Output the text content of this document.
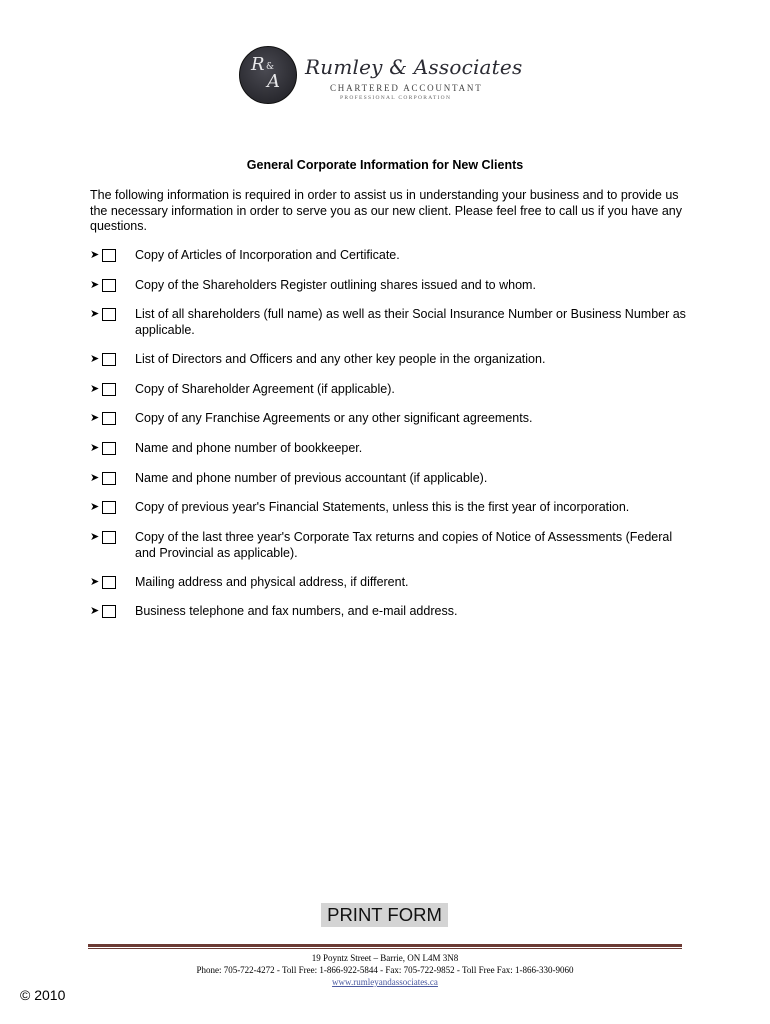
R &
A
Rumley & Associates
CHARTERED ACCOUNTANT
PROFESSIONAL CORPORATION
General Corporate Information for New Clients
The following information is required in order to assist us in understanding your business and to provide us the necessary information in order to serve you as our new client. Please feel free to call us if you have any questions.
➤	Copy of Articles of Incorporation and Certificate.
➤	Copy of the Shareholders Register outlining shares issued and to whom.
➤	List of all shareholders (full name) as well as their Social Insurance Number or Business Number as applicable.
➤	List of Directors and Officers and any other key people in the organization.
➤	Copy of Shareholder Agreement (if applicable).
➤	Copy of any Franchise Agreements or any other significant agreements.
➤	Name and phone number of bookkeeper.
➤	Name and phone number of previous accountant (if applicable).
➤	Copy of previous year's Financial Statements, unless this is the first year of incorporation.
➤	Copy of the last three year's Corporate Tax returns and copies of Notice of Assessments (Federal and Provincial as applicable).
➤	Mailing address and physical address, if different.
➤	Business telephone and fax numbers, and e-mail address.
PRINT FORM
19 Poyntz Street – Barrie, ON L4M 3N8
Phone: 705-722-4272 - Toll Free: 1-866-922-5844 - Fax: 705-722-9852 - Toll Free Fax: 1-866-330-9060
www.rumleyandassociates.ca
© 2010
